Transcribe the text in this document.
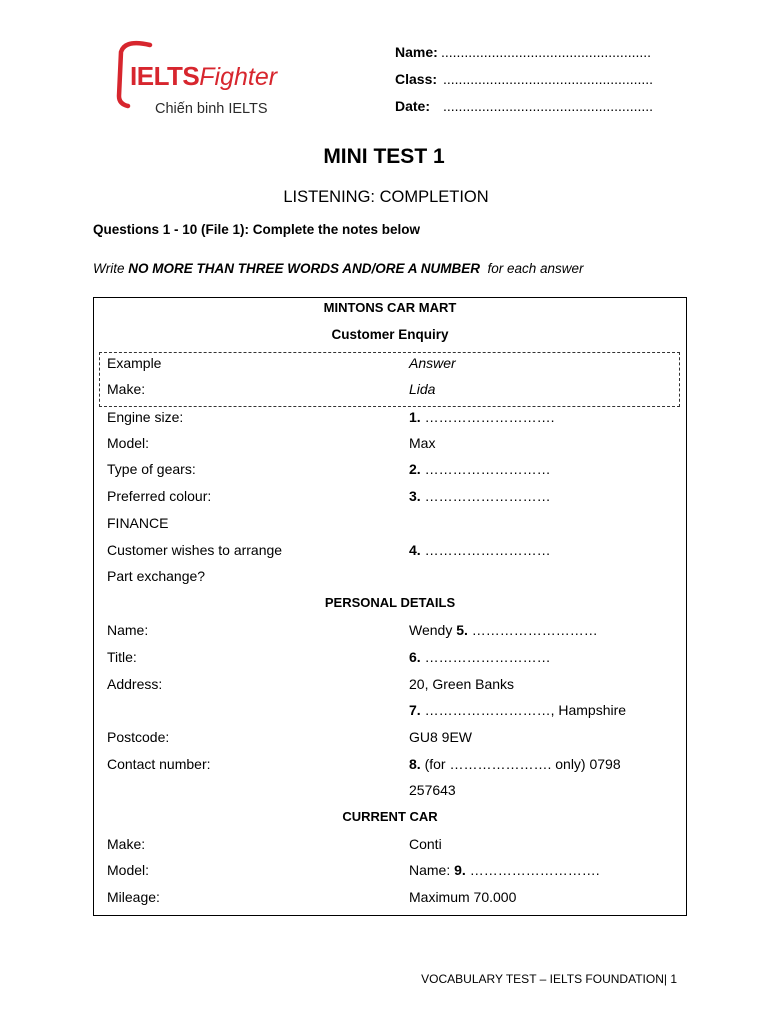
IELTSFighter
Chiến binh IELTS
Name: ......................................................
Class: ......................................................
Date: ......................................................
MINI TEST 1
LISTENING: COMPLETION
Questions 1 - 10 (File 1): Complete the notes below
Write NO MORE THAN THREE WORDS AND/ORE A NUMBER  for each answer
MINTONS CAR MART
Customer Enquiry
Example	Answer
Make:	Lida
Engine size:	1. ……………………….
Model:	Max
Type of gears:	2. ………………………
Preferred colour:	3. ………………………
FINANCE
Customer wishes to arrange	4. ………………………
Part exchange?
PERSONAL DETAILS
Name:	Wendy 5. ………………………
Title:	6. ………………………
Address:	20, Green Banks
7. ………………………, Hampshire
Postcode:	GU8 9EW
Contact number:	8. (for …………………. only) 0798
257643
CURRENT CAR
Make:	Conti
Model:	Name: 9. ……………………….
Mileage:	Maximum 70.000
VOCABULARY TEST – IELTS FOUNDATION| 1
